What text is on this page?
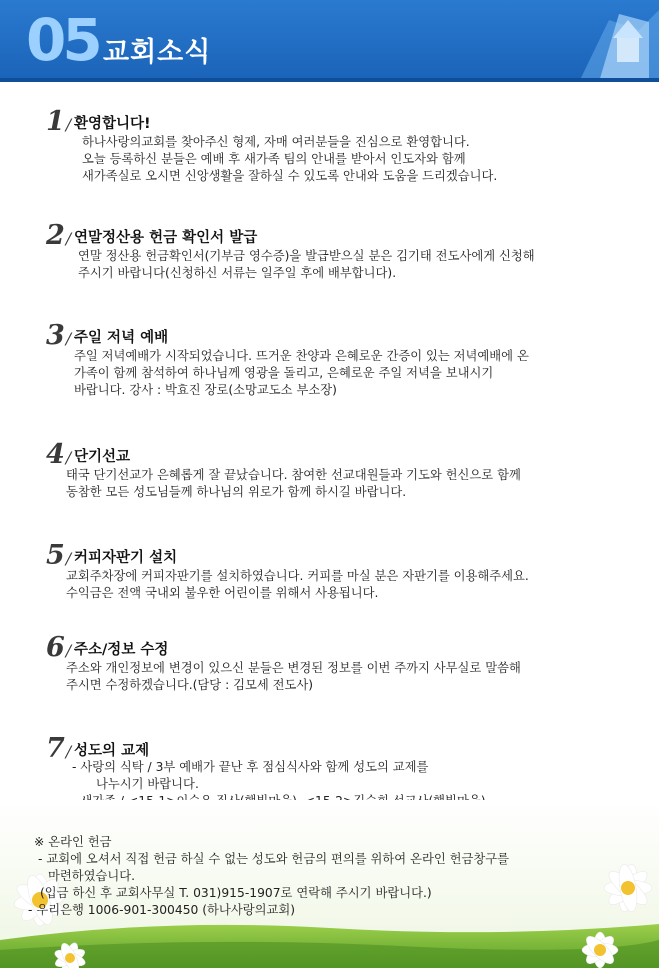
05 교회소식
1/ 환영합니다!
하나사랑의교회를 찾아주신 형제, 자매 여러분들을 진심으로 환영합니다.
오늘 등록하신 분들은 예배 후 새가족 팀의 안내를 받아서 인도자와 함께
새가족실로 오시면 신앙생활을 잘하실 수 있도록 안내와 도움을 드리겠습니다.
2/ 연말정산용 헌금 확인서 발급
연말 정산용 헌금확인서(기부금 영수증)을 발급받으실 분은 김기태 전도사에게 신청해
주시기 바랍니다(신청하신 서류는 일주일 후에 배부합니다).
3/ 주일 저녁 예배
주일 저녁예배가 시작되었습니다. 뜨거운 찬양과 은혜로운 간증이 있는 저녁예배에 온
가족이 함께 참석하여 하나님께 영광을 돌리고, 은혜로운 주일 저녁을 보내시기
바랍니다. 강사 : 박효진 장로(소망교도소 부소장)
4/ 단기선교
태국 단기선교가 은혜롭게 잘 끝났습니다. 참여한 선교대원들과 기도와 헌신으로 함께
동참한 모든 성도님들께 하나님의 위로가 함께 하시길 바랍니다.
5/ 커피자판기 설치
교회주차장에 커피자판기를 설치하였습니다. 커피를 마실 분은 자판기를 이용해주세요.
수익금은 전액 국내외 불우한 어린이를 위해서 사용됩니다.
6/ 주소/정보 수정
주소와 개인정보에 변경이 있으신 분들은 변경된 정보를 이번 주까지 사무실로 말씀해
주시면 수정하겠습니다.(담당 : 김모세 전도사)
7/ 성도의 교제
- 사랑의 식탁 / 3부 예배가 끝난 후 점심식사와 함께 성도의 교제를
나누시기 바랍니다.
※ 온라인 헌금
- 교회에 오셔서 직접 헌금 하실 수 없는 성도와 헌금의 편의를 위하여 온라인 헌금창구를
마련하였습니다.
(입금 하신 후 교회사무실 T. 031)915-1907로 연락해 주시기 바랍니다.)
- 우리은행 1006-901-300450 (하나사랑의교회)
